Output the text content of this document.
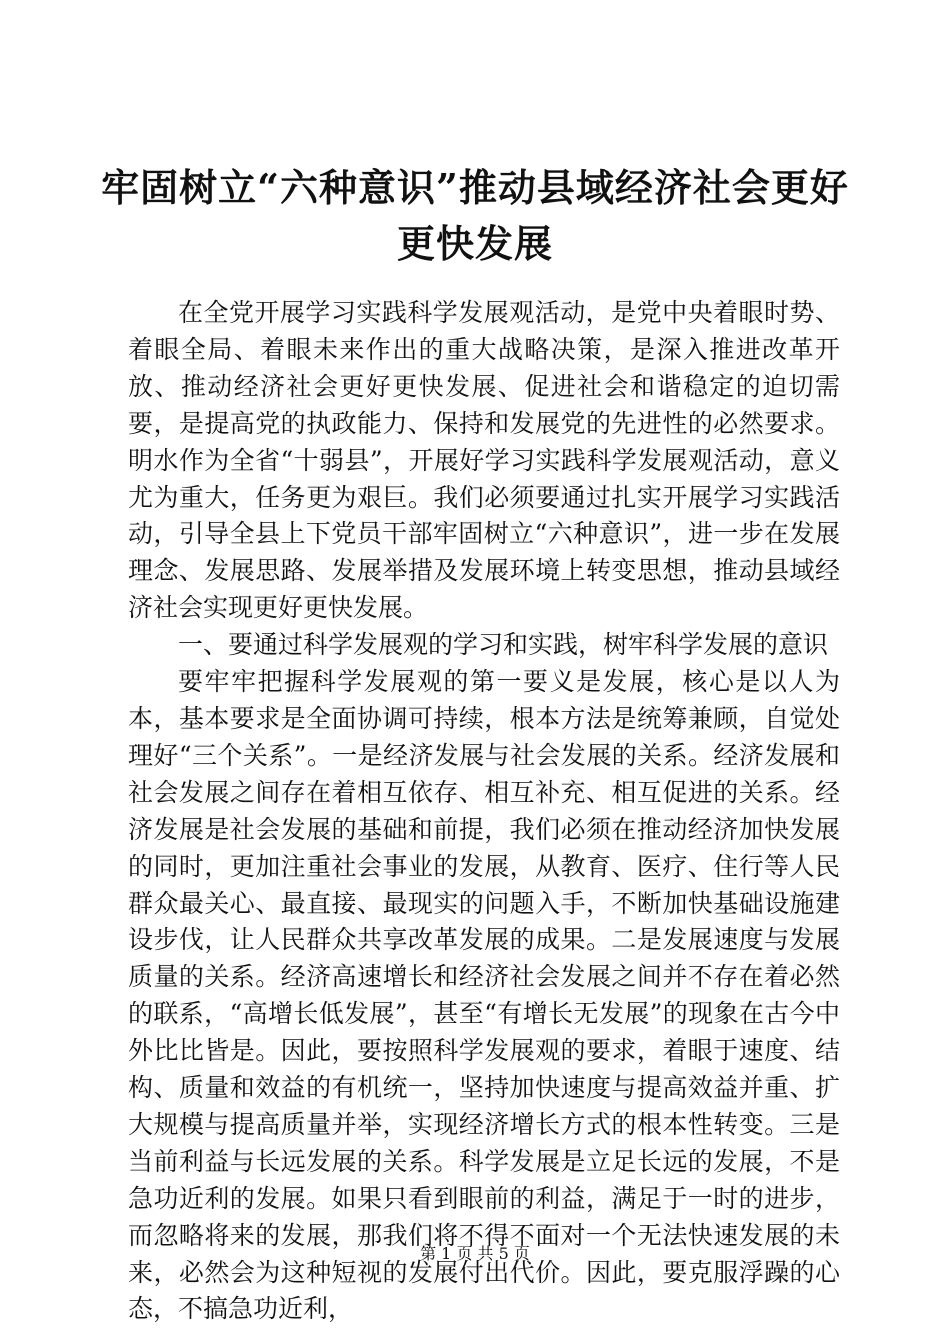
牢固树立“六种意识”推动县域经济社会更好
更快发展

在全党开展学习实践科学发展观活动，是党中央着眼时势、着眼全局、着眼未来作出的重大战略决策，是深入推进改革开放、推动经济社会更好更快发展、促进社会和谐稳定的迫切需要，是提高党的执政能力、保持和发展党的先进性的必然要求。明水作为全省“十弱县”，开展好学习实践科学发展观活动，意义尤为重大，任务更为艰巨。我们必须要通过扎实开展学习实践活动，引导全县上下党员干部牢固树立“六种意识”，进一步在发展理念、发展思路、发展举措及发展环境上转变思想，推动县域经济社会实现更好更快发展。

一、要通过科学发展观的学习和实践，树牢科学发展的意识

要牢牢把握科学发展观的第一要义是发展，核心是以人为本，基本要求是全面协调可持续，根本方法是统筹兼顾，自觉处理好“三个关系”。一是经济发展与社会发展的关系。经济发展和社会发展之间存在着相互依存、相互补充、相互促进的关系。经济发展是社会发展的基础和前提，我们必须在推动经济加快发展的同时，更加注重社会事业的发展，从教育、医疗、住行等人民群众最关心、最直接、最现实的问题入手，不断加快基础设施建设步伐，让人民群众共享改革发展的成果。二是发展速度与发展质量的关系。经济高速增长和经济社会发展之间并不存在着必然的联系，“高增长低发展”，甚至“有增长无发展”的现象在古今中外比比皆是。因此，要按照科学发展观的要求，着眼于速度、结构、质量和效益的有机统一，坚持加快速度与提高效益并重、扩大规模与提高质量并举，实现经济增长方式的根本性转变。三是当前利益与长远发展的关系。科学发展是立足长远的发展，不是急功近利的发展。如果只看到眼前的利益，满足于一时的进步，而忽略将来的发展，那我们将不得不面对一个无法快速发展的未来，必然会为这种短视的发展付出代价。因此，要克服浮躁的心态，不搞急功近利，

第 1 页 共 5 页
